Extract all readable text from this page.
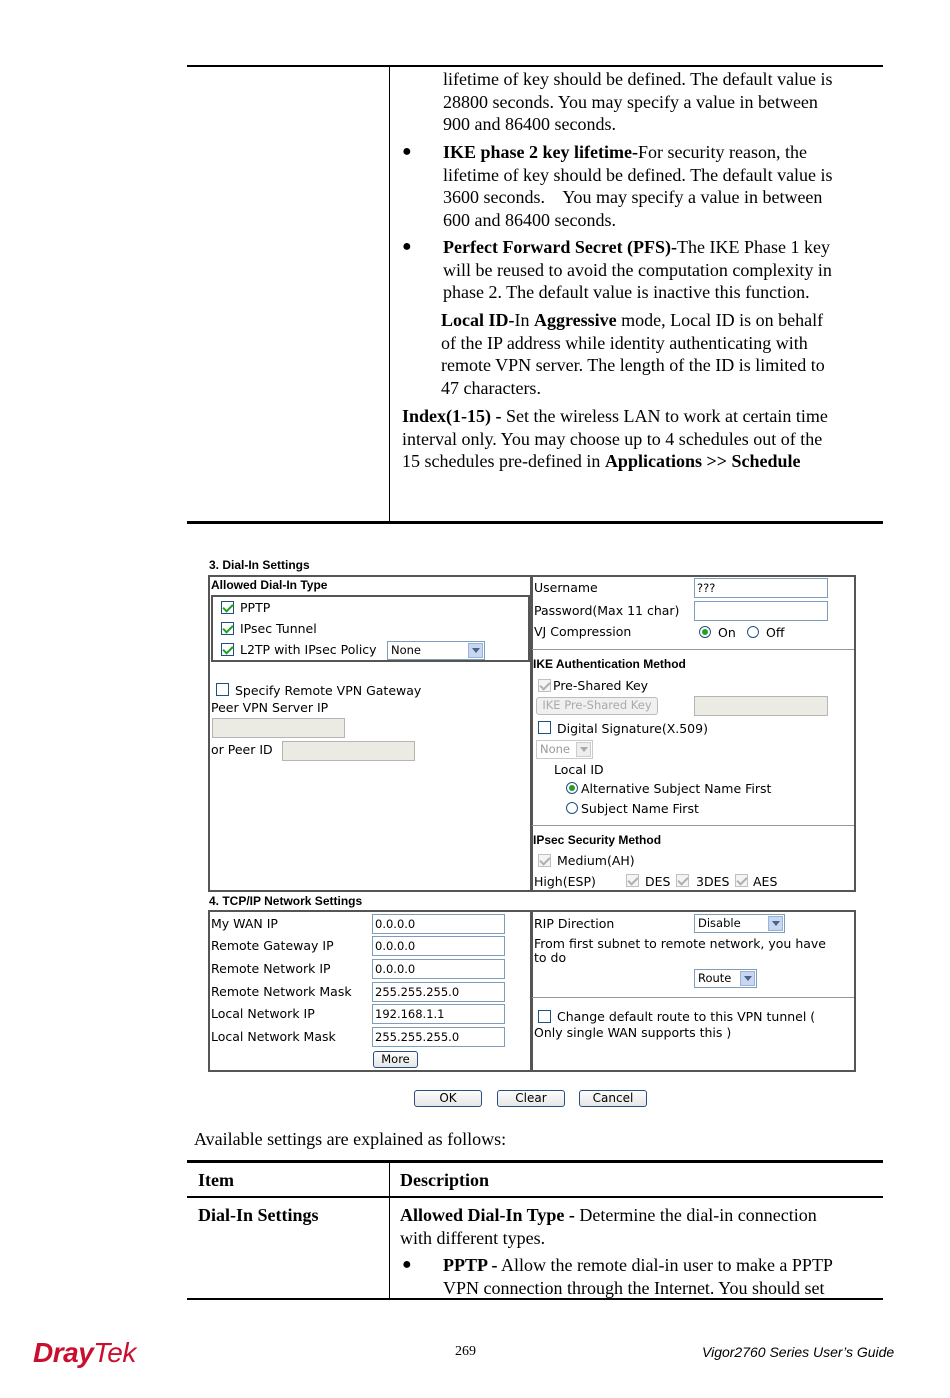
lifetime of key should be defined. The default value is
28800 seconds. You may specify a value in between
900 and 86400 seconds.
● IKE phase 2 key lifetime-For security reason, the
lifetime of key should be defined. The default value is
3600 seconds.    You may specify a value in between
600 and 86400 seconds.
● Perfect Forward Secret (PFS)-The IKE Phase 1 key
will be reused to avoid the computation complexity in
phase 2. The default value is inactive this function.
Local ID-In Aggressive mode, Local ID is on behalf
of the IP address while identity authenticating with
remote VPN server. The length of the ID is limited to
47 characters.
Index(1-15) - Set the wireless LAN to work at certain time
interval only. You may choose up to 4 schedules out of the
15 schedules pre-defined in Applications >> Schedule
3. Dial-In Settings
Allowed Dial-In Type
PPTP
IPsec Tunnel
L2TP with IPsec Policy	None
Specify Remote VPN Gateway
Peer VPN Server IP
or Peer ID
Username	???
Password(Max 11 char)
VJ Compression	On Off
IKE Authentication Method
Pre-Shared Key
IKE Pre-Shared Key
Digital Signature(X.509)
None
Local ID
Alternative Subject Name First
Subject Name First
IPsec Security Method
Medium(AH)
High(ESP)	DES 3DES AES
4. TCP/IP Network Settings
My WAN IP	0.0.0.0
Remote Gateway IP	0.0.0.0
Remote Network IP	0.0.0.0
Remote Network Mask 255.255.255.0
Local Network IP	192.168.1.1
Local Network Mask	255.255.255.0
More
RIP Direction	Disable
From first subnet to remote network, you have
to do
Route
Change default route to this VPN tunnel (
Only single WAN supports this )
OK	Clear	Cancel
Available settings are explained as follows:
Item	Description
Dial-In Settings	Allowed Dial-In Type - Determine the dial-in connection
with different types.
● PPTP - Allow the remote dial-in user to make a PPTP
VPN connection through the Internet. You should set
DrayTek	269	Vigor2760 Series User’s Guide
